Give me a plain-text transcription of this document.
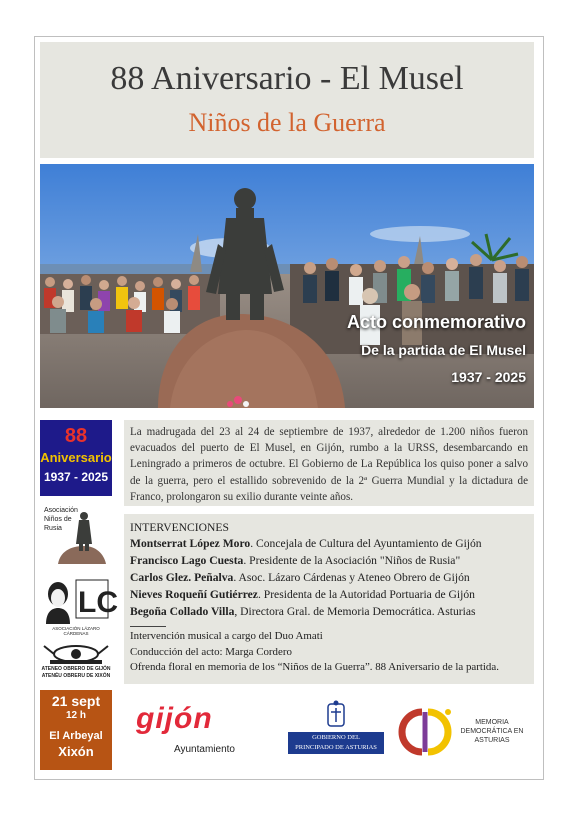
88 Aniversario - El Musel
Niños de la Guerra
Acto conmemorativo
De la partida de El Musel
1937 - 2025
88
Aniversario
1937 - 2025
Asociación
Niños de
Rusia
LC
ASOCIACIÓN LÁZARO CÁRDENAS
ATENEO OBRERO DE GIJÓN
ATENÉU OBRERU DE XIXÓN
21 sept
12 h
El Arbeyal
Xixón
La madrugada del 23 al 24 de septiembre de 1937, alrededor de 1.200 niños fueron evacuados del puerto de El Musel, en Gijón, rumbo a la URSS, desembarcando en Leningrado a primeros de octubre. El Gobierno de La República los quiso poner a salvo de la guerra, pero el estallido sobrevenido de la 2ª Guerra Mundial y la dictadura de Franco, prolongaron su exilio durante veinte años.
INTERVENCIONES
Montserrat López Moro. Concejala de Cultura del Ayuntamiento de Gijón
Francisco Lago Cuesta. Presidente de la Asociación "Niños de Rusia"
Carlos Glez. Peñalva. Asoc. Lázaro Cárdenas y Ateneo Obrero de Gijón
Nieves Roqueñí Gutiérrez. Presidenta de la Autoridad Portuaria de Gijón
Begoña Collado Villa, Directora Gral. de Memoria Democrática. Asturias
Intervención musical a cargo del Duo Amati
Conducción del acto: Marga Cordero
Ofrenda floral en memoria de los “Niños de la Guerra”. 88 Aniversario de la partida.
gijón
Ayuntamiento
GOBIERNO DEL
PRINCIPADO DE ASTURIAS
MEMORIA DEMOCRÁTICA EN ASTURIAS
